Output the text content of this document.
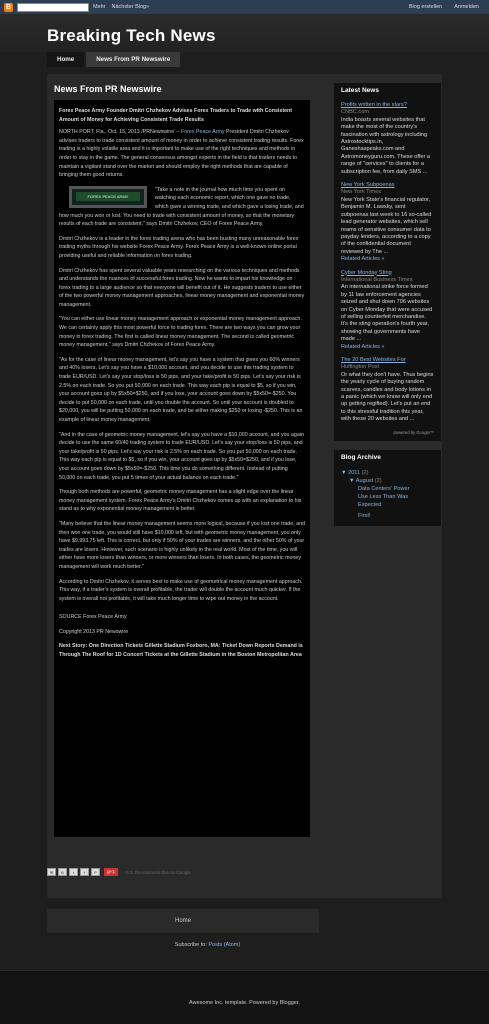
B	Mehr Nächster Blog»	Blog erstellen Anmelden
Breaking Tech News
Home	News From PR Newswire
News From PR Newswire
Forex Peace Army Founder Dmitri Chzhekov Advises Forex Traders to Trade with Consistent Amount of Money for Achieving Consistent Trade Results

NORTH PORT, Fla., Oct. 15, 2013 /PRNewswire/ -- Forex Peace Army President Dmitri Chzhekov advises traders to trade consistent amount of money in order to achieve consistent trading results. Forex trading is a highly volatile area and it is important to make use of the right techniques and methods in order to stay in the game. The general consensus amongst experts in the field is that traders needs to maintain a vigilant stand over the market and should employ the right methods that are capable of bringing them good returns.

FOREX PEACE ARMY

"Take a note in the journal how much time you spent on watching each economic report, which one gave no trade, which gave a winning trade, and which gave a losing trade, and how much you won or lost. You need to trade with consistent amount of money, so that the monetary results of each trade are consistent," says Dmitri Chzhekov, CEO of Forex Peace Army.

Dmitri Chzhekov is a leader in the forex trading arena who has been busting many unreasonable forex trading myths through his website Forex Peace Army. Forex Peace Army is a well-known online portal providing useful and reliable information on forex trading.

Dmitri Chzhekov has spent several valuable years researching on the various techniques and methods and understands the nuances of successful forex trading. Now he wants to impart his knowledge on forex trading to a large audience so that everyone will benefit out of it. He suggests traders to use either of the two powerful money management approaches, linear money management and exponential money management.

"You can either use linear money management approach or exponential money management approach. We can certainly apply this most powerful force to trading forex. There are two ways you can grow your money in forex trading. The first is called linear money management. The second is called geometric money management," says Dmitri Chzhekov of Forex Peace Army.

"As for the case of linear money management, let's say you have a system that gives you 60% winners and 40% losers. Let's say you have a $10,000 account, and you decide to use this trading system to trade EUR/USD. Let's say your stop/loss is 50 pips, and your take/profit is 50 pips. Let's say your risk is 2.5% on each trade. So you put 50,000 on each trade. This way each pip is equal to $5, so if you win, your account goes up by $5x50=$250, and if you lose, your account goes down by $5x50=-$250. You decide to put 50,000 on each trade, until you double the account. So until your account is doubled to $20,000, you will be putting 50,000 on each trade, and be either making $250 or losing -$250. This is an example of linear money management.

"And in the case of geometric money management, let's say you have a $10,000 account, and you again decide to use the same 60/40 trading system to trade EUR/USD. Let's say your stop/loss is 50 pips, and your take/profit is 50 pips. Let's say your risk is 2.5% on each trade. So you put 50,000 on each trade. This way each pip is equal to $5, so if you win, your account goes up by $5x50=$250, and if you lose, your account goes down by $5x50=-$250. This time you do something different. Instead of putting 50,000 on each trade, you put 5 times of your actual balance on each trade."

Though both methods are powerful, geometric money management has a slight edge over the linear money management system. Forex Peace Army's Dmitri Chzhekov comes up with an explanation to his stand as to why exponential money management is better.

"Many believe that the linear money management seems more logical, because if you lost one trade, and then won one trade, you would still have $10,000 left, but with geometric money management, you only have $9,993.75 left. This is correct, but only if 50% of your trades are winners, and the other 50% of your trades are losers. However, such scenario is highly unlikely in the real world. Most of the time, you will either have more losers than winners, or more winners than losers. In both cases, the geometric money management will work much better."

According to Dmitri Chzhekov, it serves best to make use of geometrical money management approach. This way, if a trader's system is overall profitable, the trader will double the account much quicker. If the system is overall not profitable, it will take much longer time to wipe out money in the account.

SOURCE Forex Peace Army

Copyright 2013 PR Newswire

Next Story: One Direction Tickets Gillette Stadium Foxboro, MA: Ticket Down Reports Demand is Through The Roof for 1D Concert Tickets at the Gillette Stadium in the Boston Metropolitan Area

✉	B	t	f	P	g+1	+1'd. Recommend this on Google
Latest News
Profits written in the stars?
CNBC.com
India boasts several websites that make the most of the country's fascination with astrology including Astrostocktips.in, Ganeshaspeaks.com and Astromoneyguru.com. These offer a range of "services" to clients for a subscription fee, from daily SMS ...
New York Subpoenas
New York Times
New York State's financial regulator, Benjamin M. Lawsky, sent subpoenas last week to 16 so-called lead generator websites, which sell reams of sensitive consumer data to payday lenders, according to a copy of the confidential document reviewed by The ...
Related Articles »
Cyber Monday Sting
International Business Times
An international strike force formed by 11 law enforcement agencies seized and shut down 706 websites on Cyber Monday that were accused of selling counterfeit merchandise. It's the sting operation's fourth year, showing that governments have made ...
Related Articles »
The 20 Best Websites For
Huffington Post
Or what they don't have. Thus begins the yearly cycle of buying random scarves, candles and body lotions in a panic (which we know will only end up getting regifted). Let's put an end to this stressful tradition this year, with these 20 websites and ...
powered by Google™
Blog Archive
▼ 2011 (2)
▼ August (2)
Data Centers' Power Use Less Than Was Expected
First!
Home
Subscribe to: Posts (Atom)
Awesome Inc. template. Powered by Blogger.
